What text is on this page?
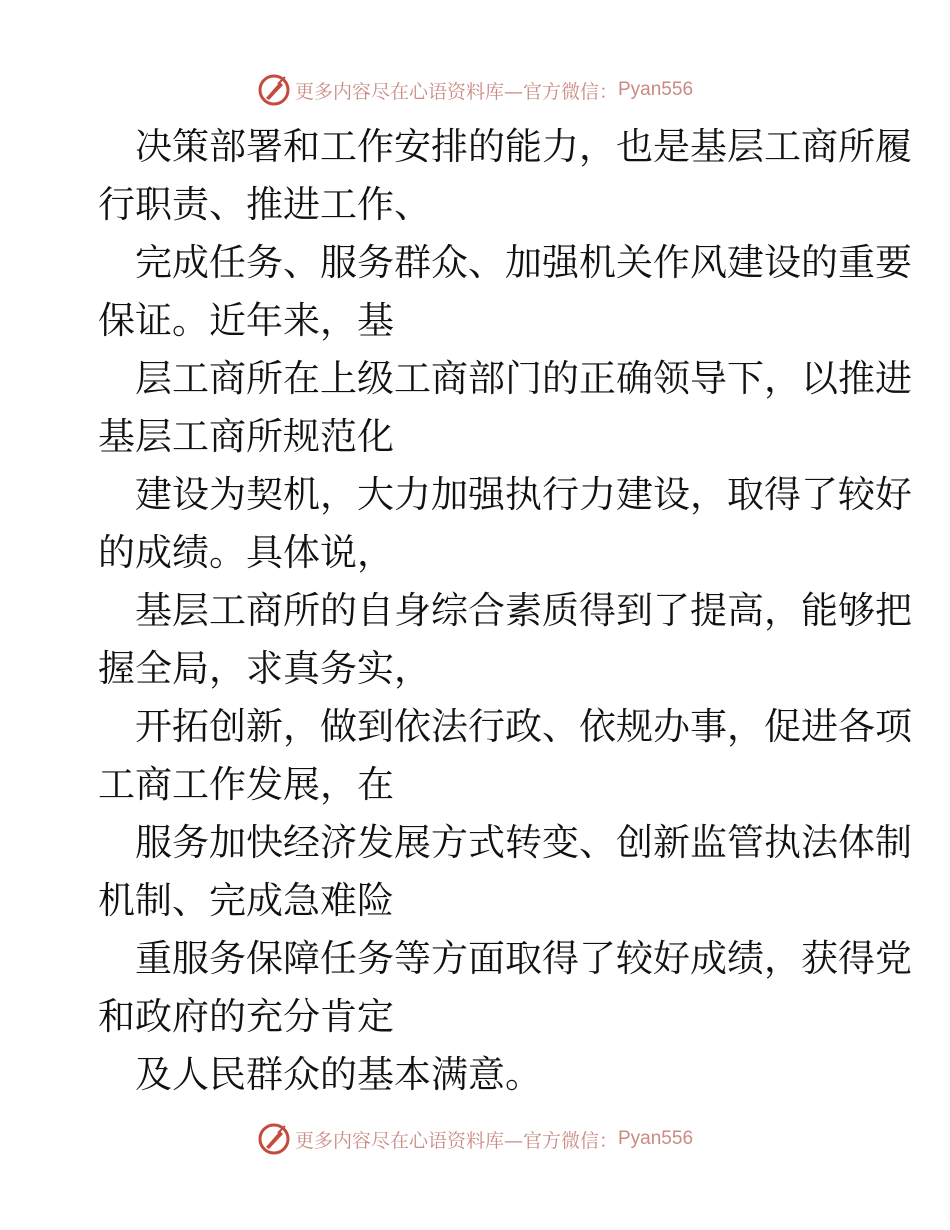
更多内容尽在心语资料库—官方微信： Pyan556

决策部署和工作安排的能力，也是基层工商所履
行职责、推进工作、

完成任务、服务群众、加强机关作风建设的重要
保证。近年来，基

层工商所在上级工商部门的正确领导下，以推进
基层工商所规范化

建设为契机，大力加强执行力建设，取得了较好
的成绩。具体说，

基层工商所的自身综合素质得到了提高，能够把
握全局，求真务实，

开拓创新，做到依法行政、依规办事，促进各项
工商工作发展，在

服务加快经济发展方式转变、创新监管执法体制
机制、完成急难险

重服务保障任务等方面取得了较好成绩，获得党
和政府的充分肯定

及人民群众的基本满意。

更多内容尽在心语资料库—官方微信： Pyan556
